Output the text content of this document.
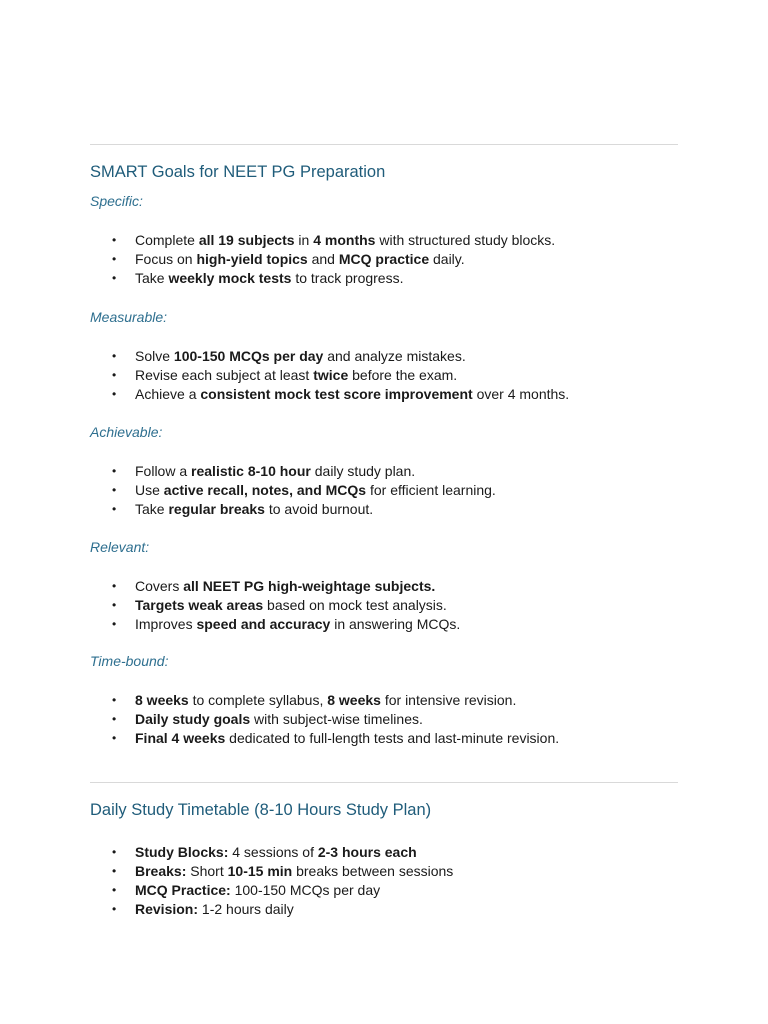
SMART Goals for NEET PG Preparation

Specific:

• Complete all 19 subjects in 4 months with structured study blocks.
• Focus on high-yield topics and MCQ practice daily.
• Take weekly mock tests to track progress.

Measurable:

• Solve 100-150 MCQs per day and analyze mistakes.
• Revise each subject at least twice before the exam.
• Achieve a consistent mock test score improvement over 4 months.

Achievable:

• Follow a realistic 8-10 hour daily study plan.
• Use active recall, notes, and MCQs for efficient learning.
• Take regular breaks to avoid burnout.

Relevant:

• Covers all NEET PG high-weightage subjects.
• Targets weak areas based on mock test analysis.
• Improves speed and accuracy in answering MCQs.

Time-bound:

• 8 weeks to complete syllabus, 8 weeks for intensive revision.
• Daily study goals with subject-wise timelines.
• Final 4 weeks dedicated to full-length tests and last-minute revision.
Daily Study Timetable (8-10 Hours Study Plan)
• Study Blocks: 4 sessions of 2-3 hours each
• Breaks: Short 10-15 min breaks between sessions
• MCQ Practice: 100-150 MCQs per day
• Revision: 1-2 hours daily
